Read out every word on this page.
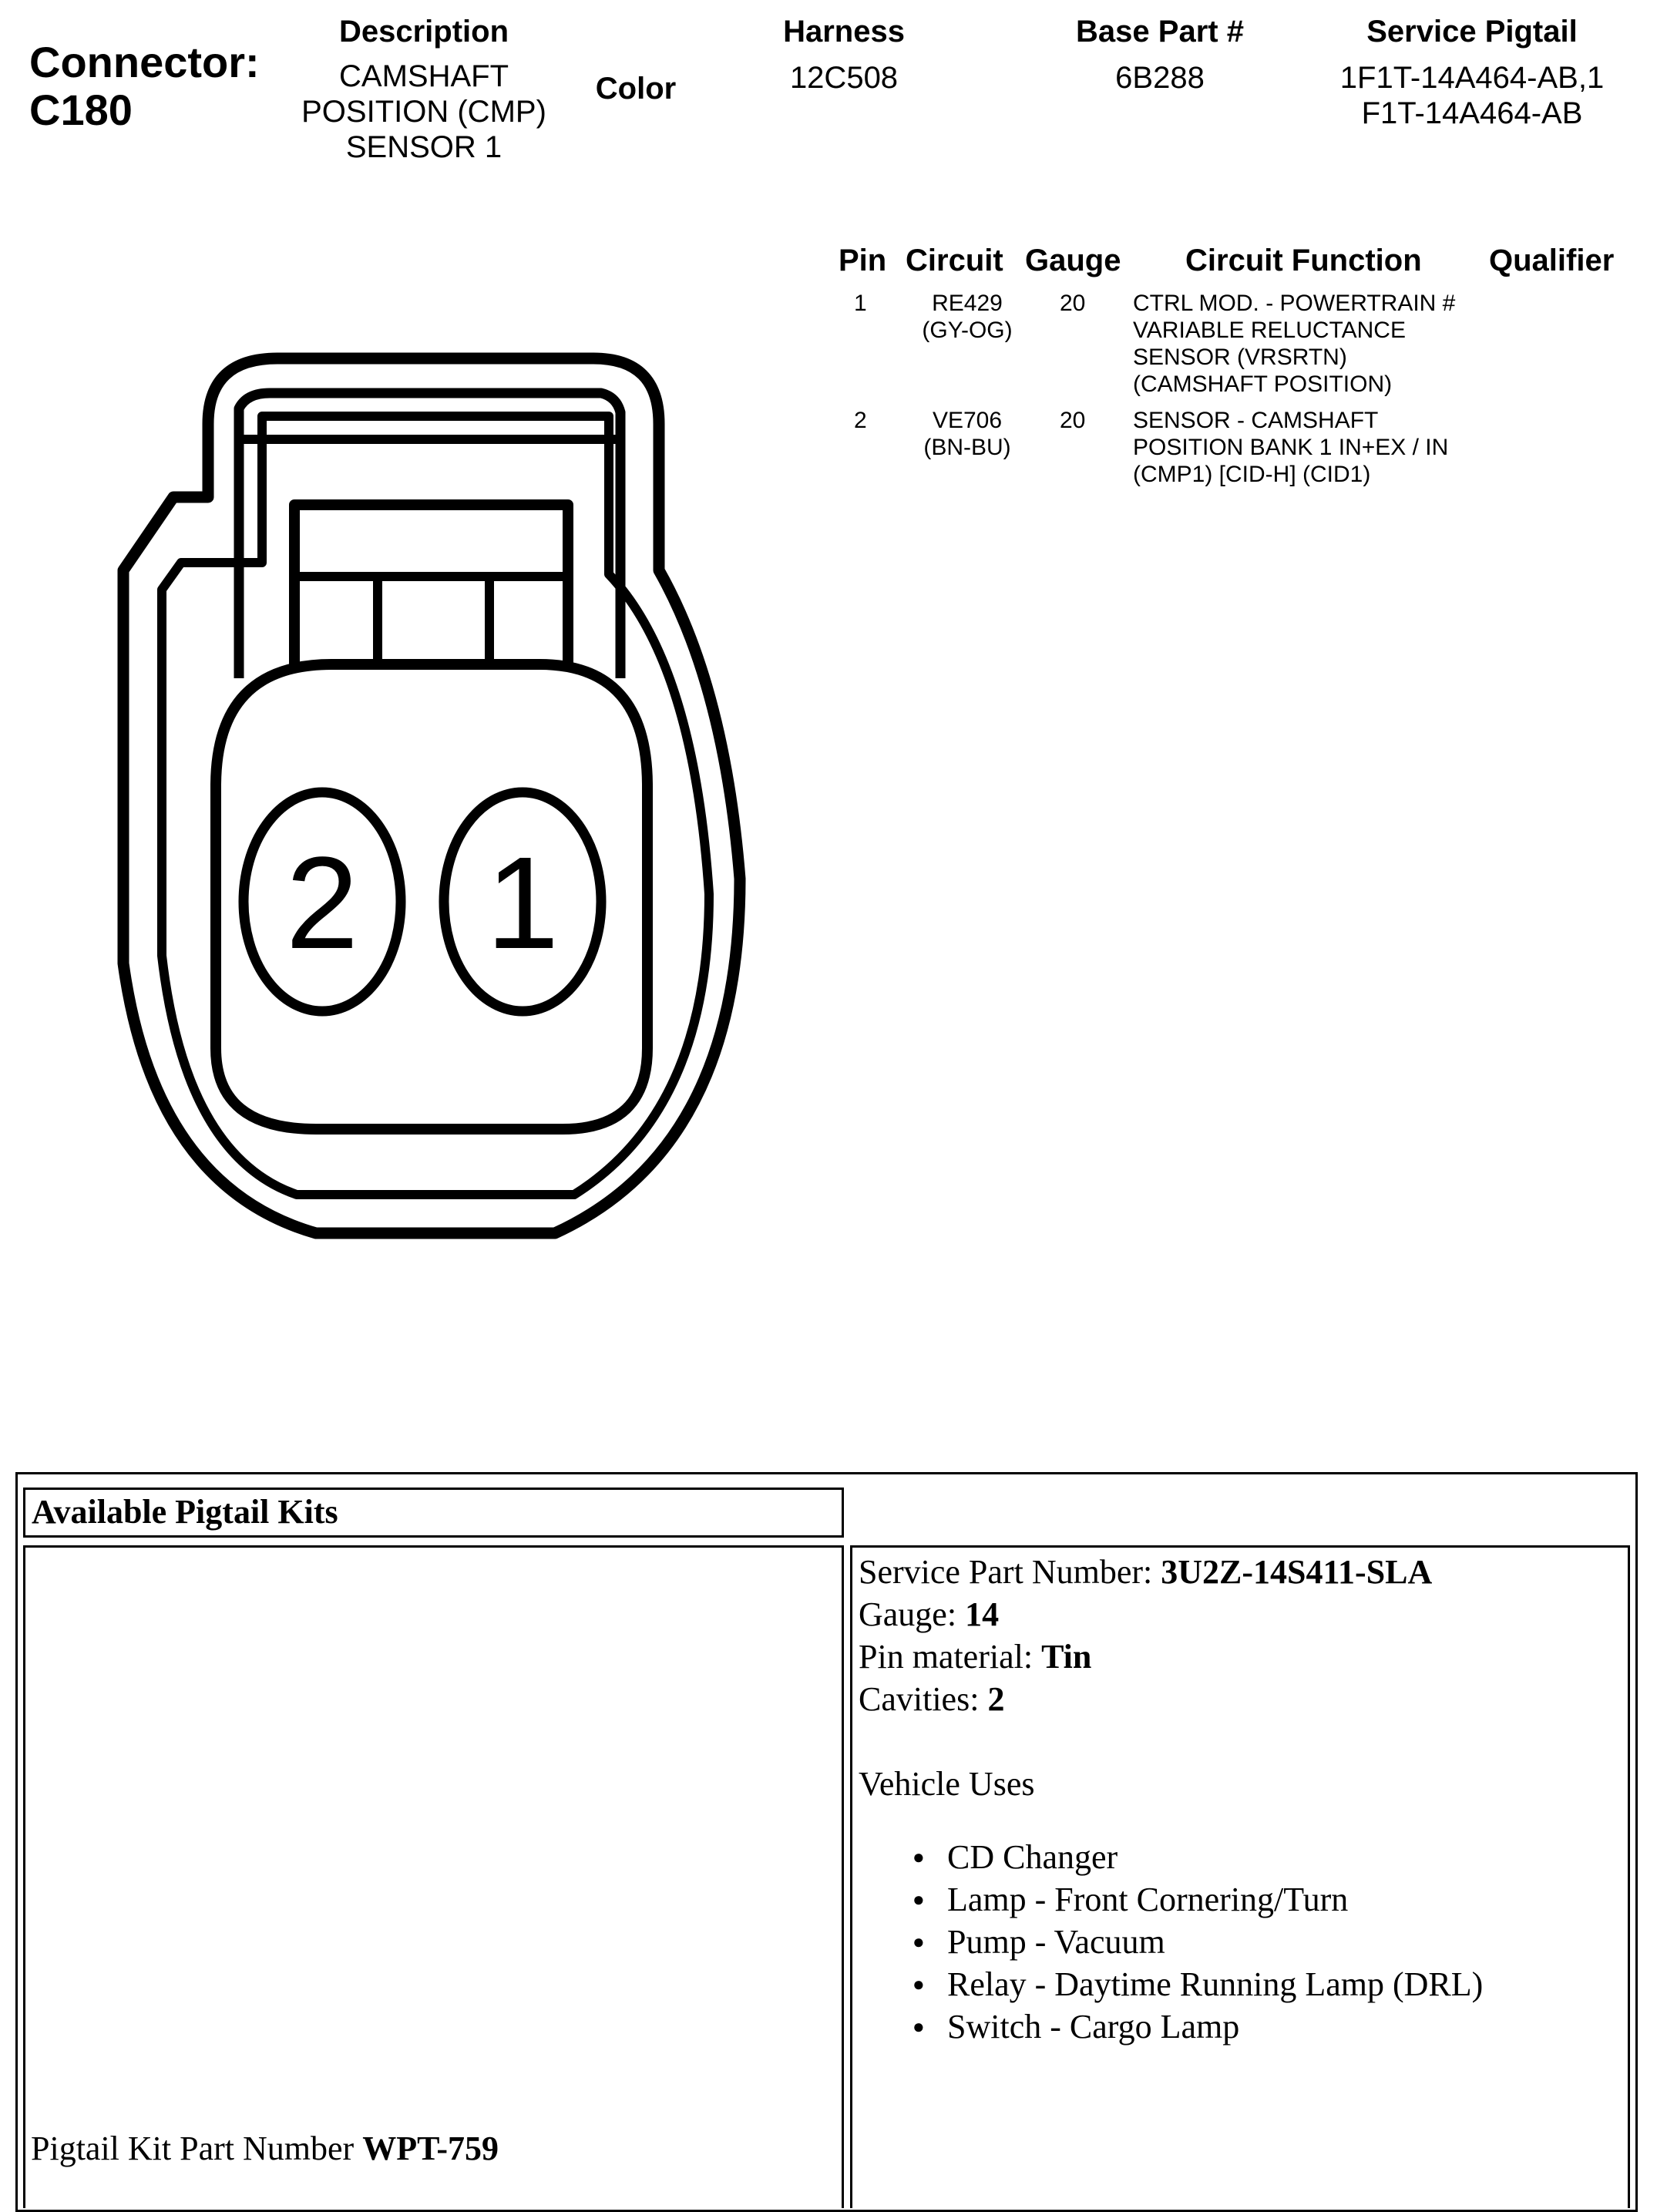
Connector:
C180
Description
CAMSHAFT POSITION (CMP) SENSOR 1
Color
Harness
12C508
Base Part #
6B288
Service Pigtail
1F1T-14A464-AB,1F1T-14A464-AB
Pin Circuit Gauge Circuit Function Qualifier
1	RE429
(GY-OG)
20 CTRL MOD. - POWERTRAIN #
VARIABLE RELUCTANCE
SENSOR (VRSRTN)
(CAMSHAFT POSITION)
2	VE706
(BN-BU)
20 SENSOR - CAMSHAFT
POSITION BANK 1 IN+EX / IN
(CMP1) [CID-H] (CID1)
2 1
Available Pigtail Kits
Service Part Number: 3U2Z-14S411-SLA
Gauge: 14
Pin material: Tin
Cavities: 2
Vehicle Uses
● CD Changer
● Lamp - Front Cornering/Turn
● Pump - Vacuum
● Relay - Daytime Running Lamp (DRL)
● Switch - Cargo Lamp
Pigtail Kit Part Number WPT-759
